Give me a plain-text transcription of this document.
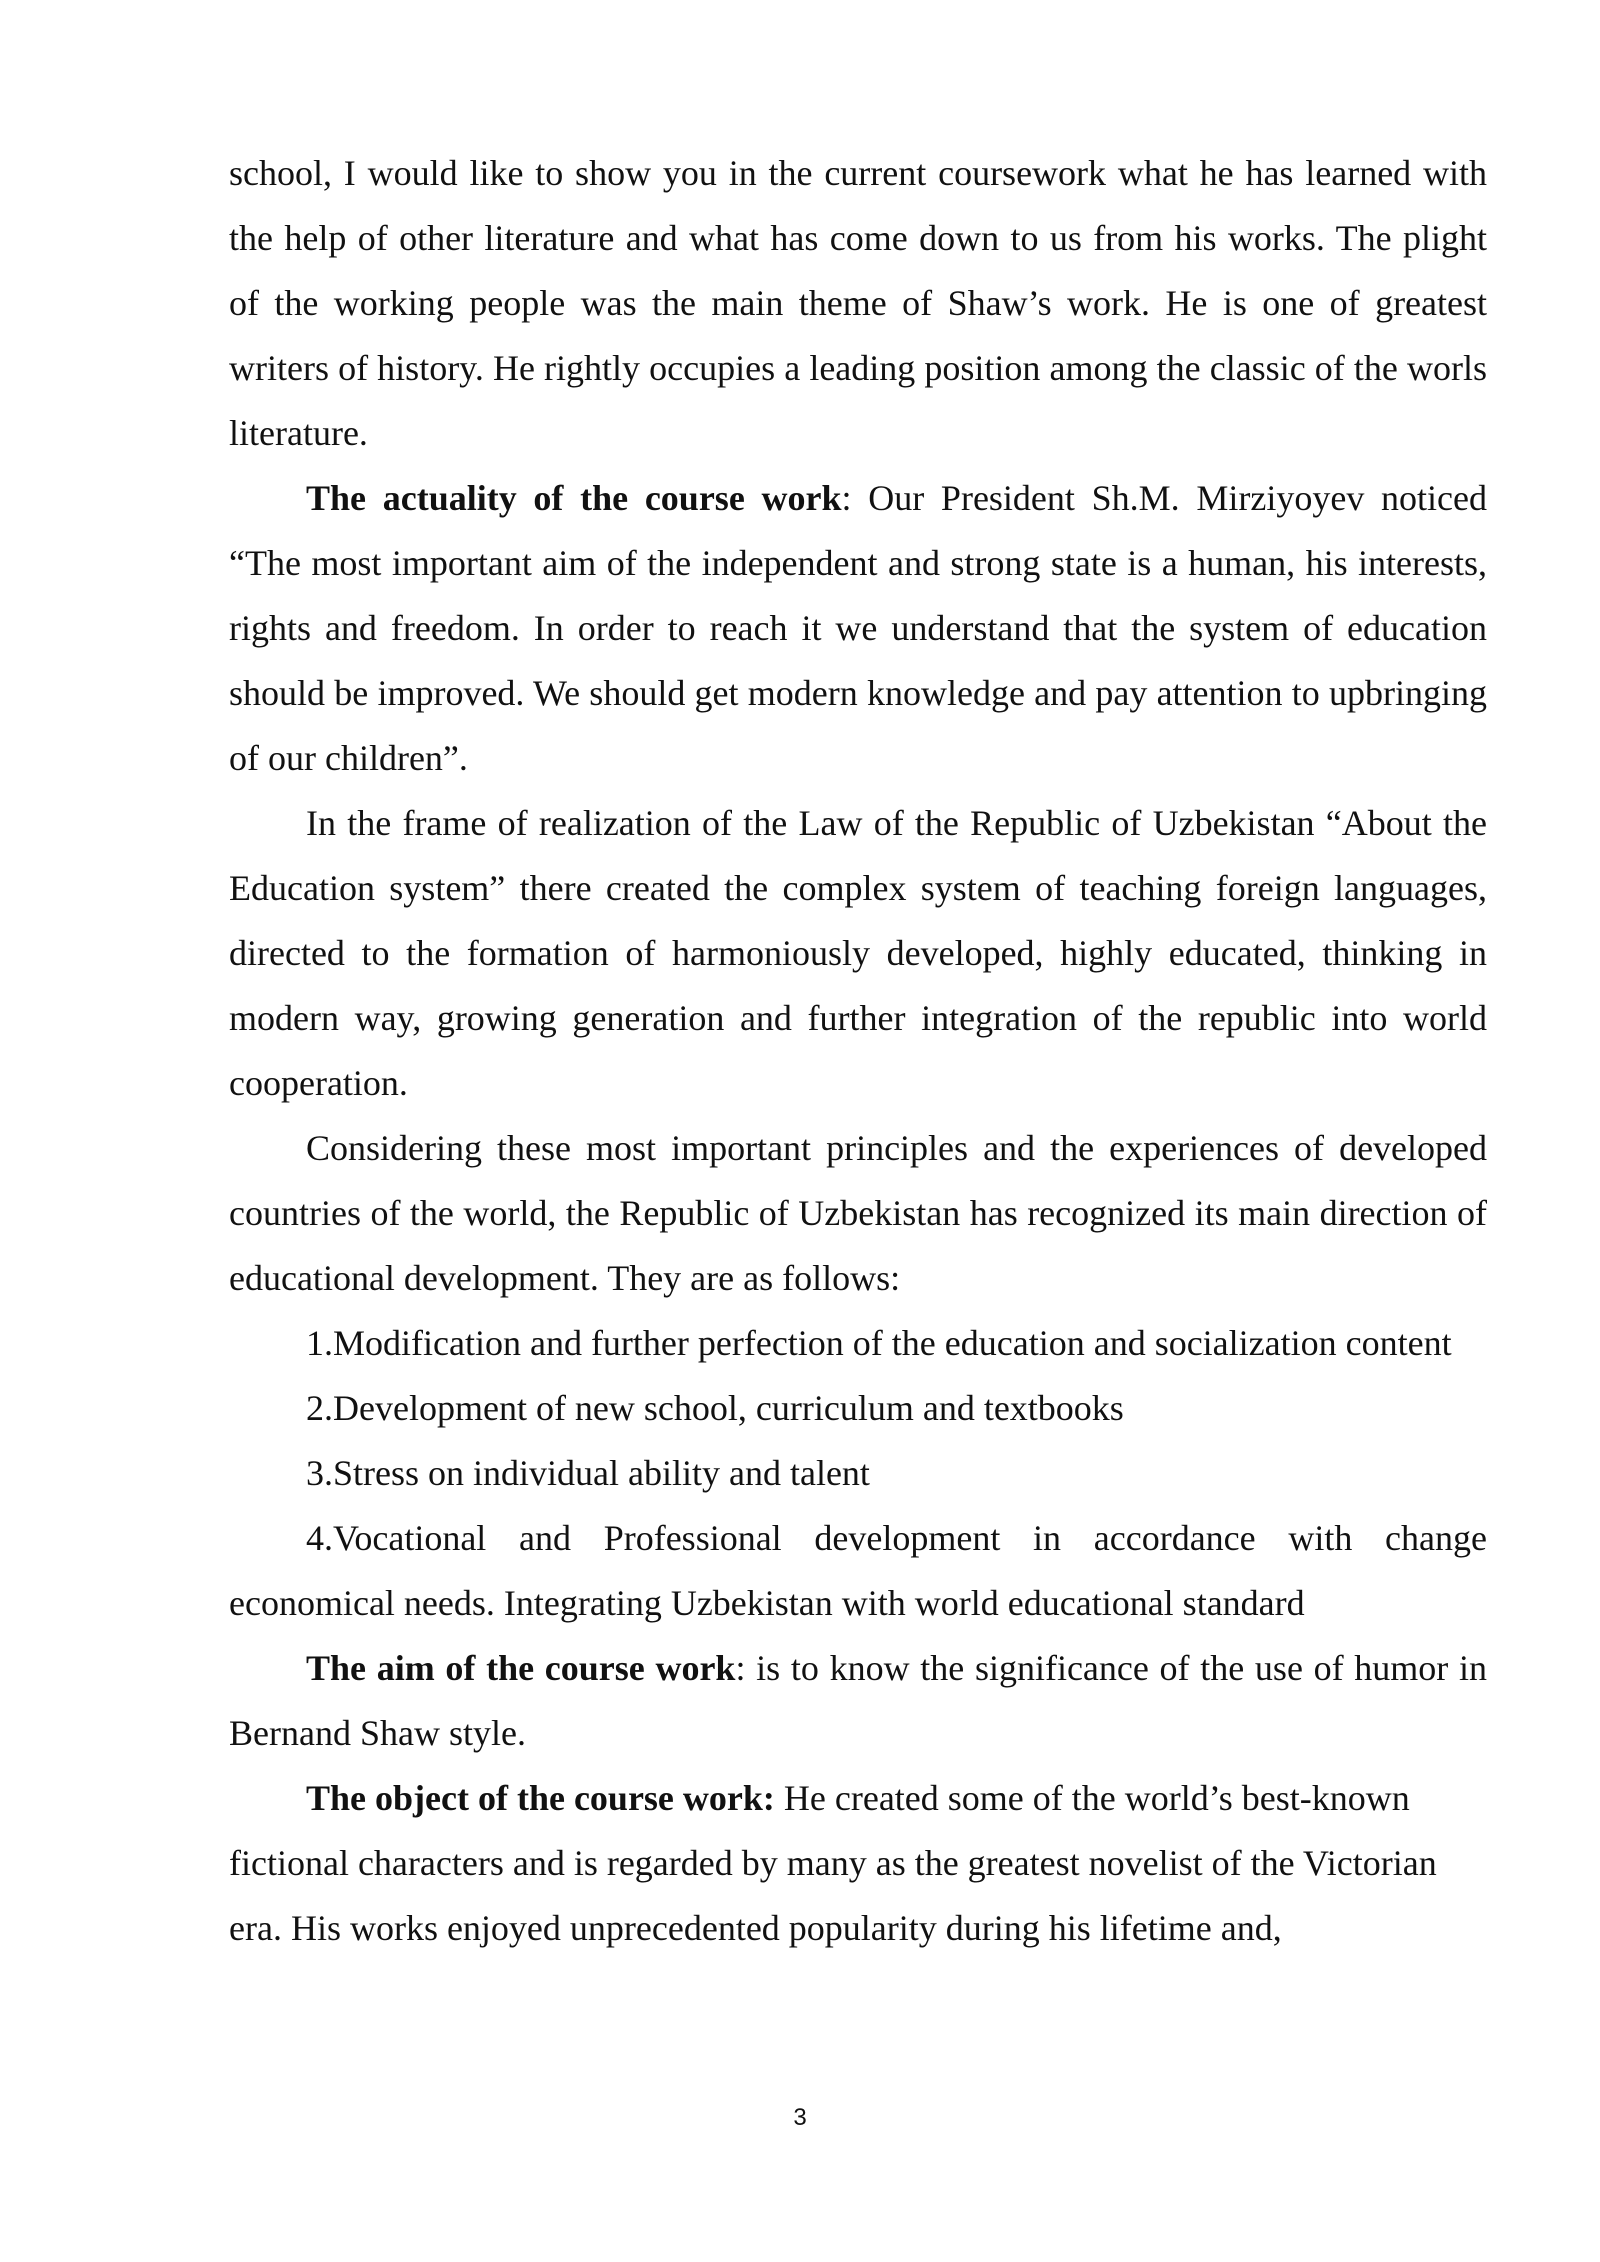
school, I would like to show you in the current coursework what he has learned with the help of other literature and what has come down to us from his works. The plight of the working people was the main theme of Shaw’s work. He is one of greatest writers of history. He rightly occupies a leading position among the classic of the worls literature.

The actuality of the course work: Our President Sh.M. Mirziyoyev noticed “The most important aim of the independent and strong state is a human, his interests, rights and freedom. In order to reach it we understand that the system of education should be improved. We should get modern knowledge and pay attention to upbringing of our children”.

In the frame of realization of the Law of the Republic of Uzbekistan “About the Education system” there created the complex system of teaching foreign languages, directed to the formation of harmoniously developed, highly educated, thinking in modern way, growing generation and further integration of the republic into world cooperation.

Considering these most important principles and the experiences of developed countries of the world, the Republic of Uzbekistan has recognized its main direction of educational development. They are as follows:

1.Modification and further perfection of the education and socialization content

2.Development of new school, curriculum and textbooks

3.Stress on individual ability and talent

4.Vocational and Professional development in accordance with change economical needs. Integrating Uzbekistan with world educational standard

The aim of the course work: is to know the significance of the use of humor in Bernand Shaw style.

The object of the course work: He created some of the world’s best-known fictional characters and is regarded by many as the greatest novelist of the Victorian era. His works enjoyed unprecedented popularity during his lifetime and,

3
